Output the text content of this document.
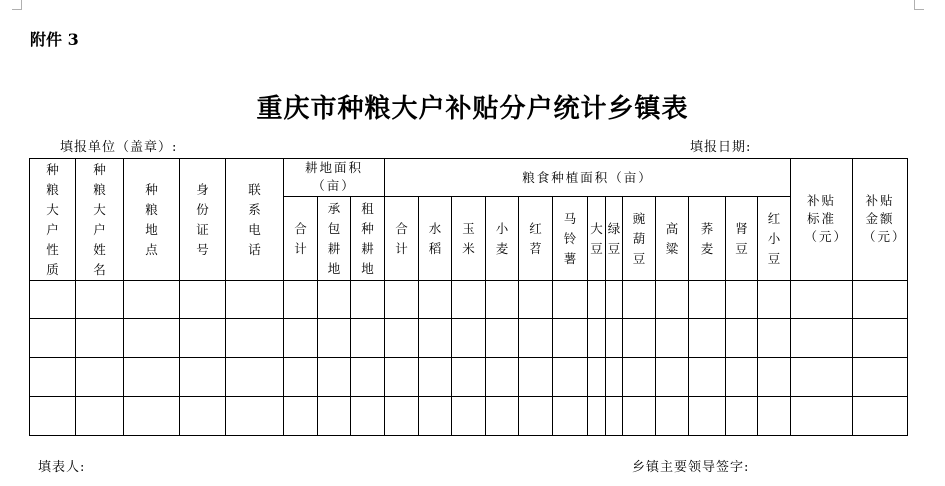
附件 3
重庆市种粮大户补贴分户统计乡镇表
填报单位（盖章）:	填报日期:
种粮大户性质	种粮大户姓名	种粮地点	身份证号	联系电话	耕地面积（亩）			粮食种植面积（亩）													补贴标准（元）	补贴金额（元）
					合计	承包耕地	租种耕地	合计	水稻	玉米	小麦	红苕	马铃薯	大豆	绿豆	豌葫豆	高粱	荞麦	肾豆	红小豆		

填表人:	乡镇主要领导签字:
